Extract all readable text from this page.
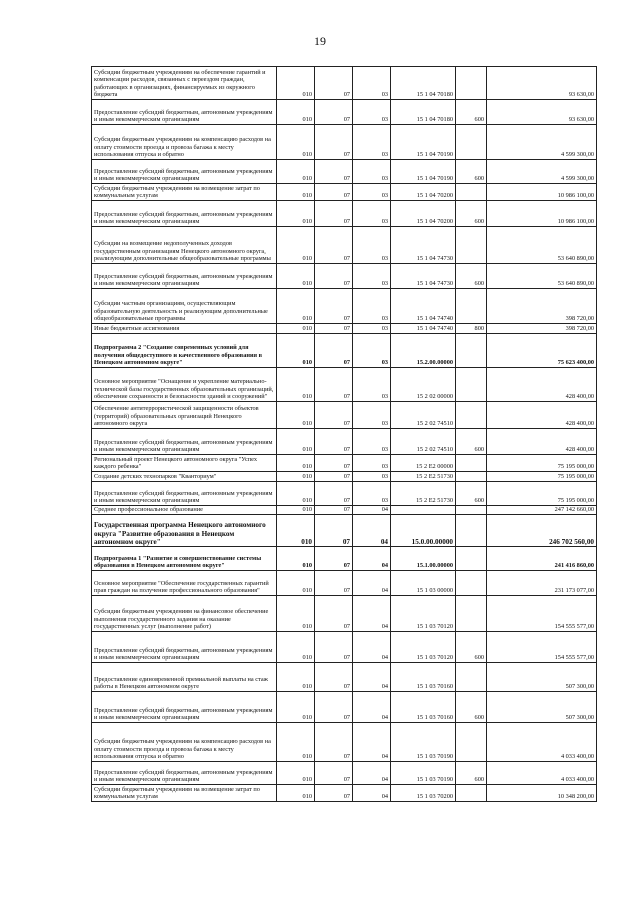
19
Субсидии бюджетным учреждениям на обеспечение гарантий и компенсации расходов, связанных с переездом граждан, работающих в организациях, финансируемых из окружного бюджета	010	07	03	15 1 04 70180		93 630,00
Предоставление субсидий бюджетным, автономным учреждениям и иным некоммерческим организациям	010	07	03	15 1 04 70180	600	93 630,00
Субсидии бюджетным учреждениям на компенсацию расходов на оплату стоимости проезда и провоза багажа к месту использования отпуска и обратно	010	07	03	15 1 04 70190		4 599 300,00
Предоставление субсидий бюджетным, автономным учреждениям и иным некоммерческим организациям	010	07	03	15 1 04 70190	600	4 599 300,00
Субсидии бюджетным учреждениям на возмещение затрат по коммунальным услугам	010	07	03	15 1 04 70200		10 986 100,00
Предоставление субсидий бюджетным, автономным учреждениям и иным некоммерческим организациям	010	07	03	15 1 04 70200	600	10 986 100,00
Субсидии на возмещение недополученных доходов государственным организациям Ненецкого автономного округа, реализующим дополнительные общеобразовательные программы	010	07	03	15 1 04 74730		53 640 890,00
Предоставление субсидий бюджетным, автономным учреждениям и иным некоммерческим организациям	010	07	03	15 1 04 74730	600	53 640 890,00
Субсидии частным организациям, осуществляющим образовательную деятельность и реализующим дополнительные общеобразовательные программы	010	07	03	15 1 04 74740		398 720,00
Иные бюджетные ассигнования	010	07	03	15 1 04 74740	800	398 720,00
Подпрограмма 2 "Создание современных условий для получения общедоступного и качественного образования в Ненецком автономном округе"	010	07	03	15.2.00.00000		75 623 400,00
Основное мероприятие "Оснащение и укрепление материально-технической базы государственных образовательных организаций, обеспечение сохранности и безопасности зданий и сооружений"	010	07	03	15 2 02 00000		428 400,00
Обеспечение антитеррористической защищенности объектов (территорий) образовательных организаций Ненецкого автономного округа	010	07	03	15 2 02 74510		428 400,00
Предоставление субсидий бюджетным, автономным учреждениям и иным некоммерческим организациям	010	07	03	15 2 02 74510	600	428 400,00
Региональный проект Ненецкого автономного округа "Успех каждого ребенка"	010	07	03	15 2 E2 00000		75 195 000,00
Создание детских технопарков "Кванториум"	010	07	03	15 2 E2 51730		75 195 000,00
Предоставление субсидий бюджетным, автономным учреждениям и иным некоммерческим организациям	010	07	03	15 2 E2 51730	600	75 195 000,00
Среднее профессиональное образование	010	07	04			247 142 660,00
Государственная программа Ненецкого автономного округа "Развитие образования в Ненецком автономном округе"	010	07	04	15.0.00.00000		246 702 560,00
Подпрограмма 1 "Развитие и совершенствование системы образования в Ненецком автономном округе"	010	07	04	15.1.00.00000		241 416 860,00
Основное мероприятие "Обеспечение государственных гарантий прав граждан на получение профессионального образования"	010	07	04	15 1 03 00000		231 173 077,00
Субсидии бюджетным учреждениям на финансовое обеспечение выполнения государственного задания на оказание государственных услуг (выполнение работ)	010	07	04	15 1 03 70120		154 555 577,00
Предоставление субсидий бюджетным, автономным учреждениям и иным некоммерческим организациям	010	07	04	15 1 03 70120	600	154 555 577,00
Предоставление единовременной премиальной выплаты на стаж работы в Ненецком автономном округе	010	07	04	15 1 03 70160		507 300,00
Предоставление субсидий бюджетным, автономным учреждениям и иным некоммерческим организациям	010	07	04	15 1 03 70160	600	507 300,00
Субсидии бюджетным учреждениям на компенсацию расходов на оплату стоимости проезда и провоза багажа к месту использования отпуска и обратно	010	07	04	15 1 03 70190		4 033 400,00
Предоставление субсидий бюджетным, автономным учреждениям и иным некоммерческим организациям	010	07	04	15 1 03 70190	600	4 033 400,00
Субсидии бюджетным учреждениям на возмещение затрат по коммунальным услугам	010	07	04	15 1 03 70200		10 348 200,00
